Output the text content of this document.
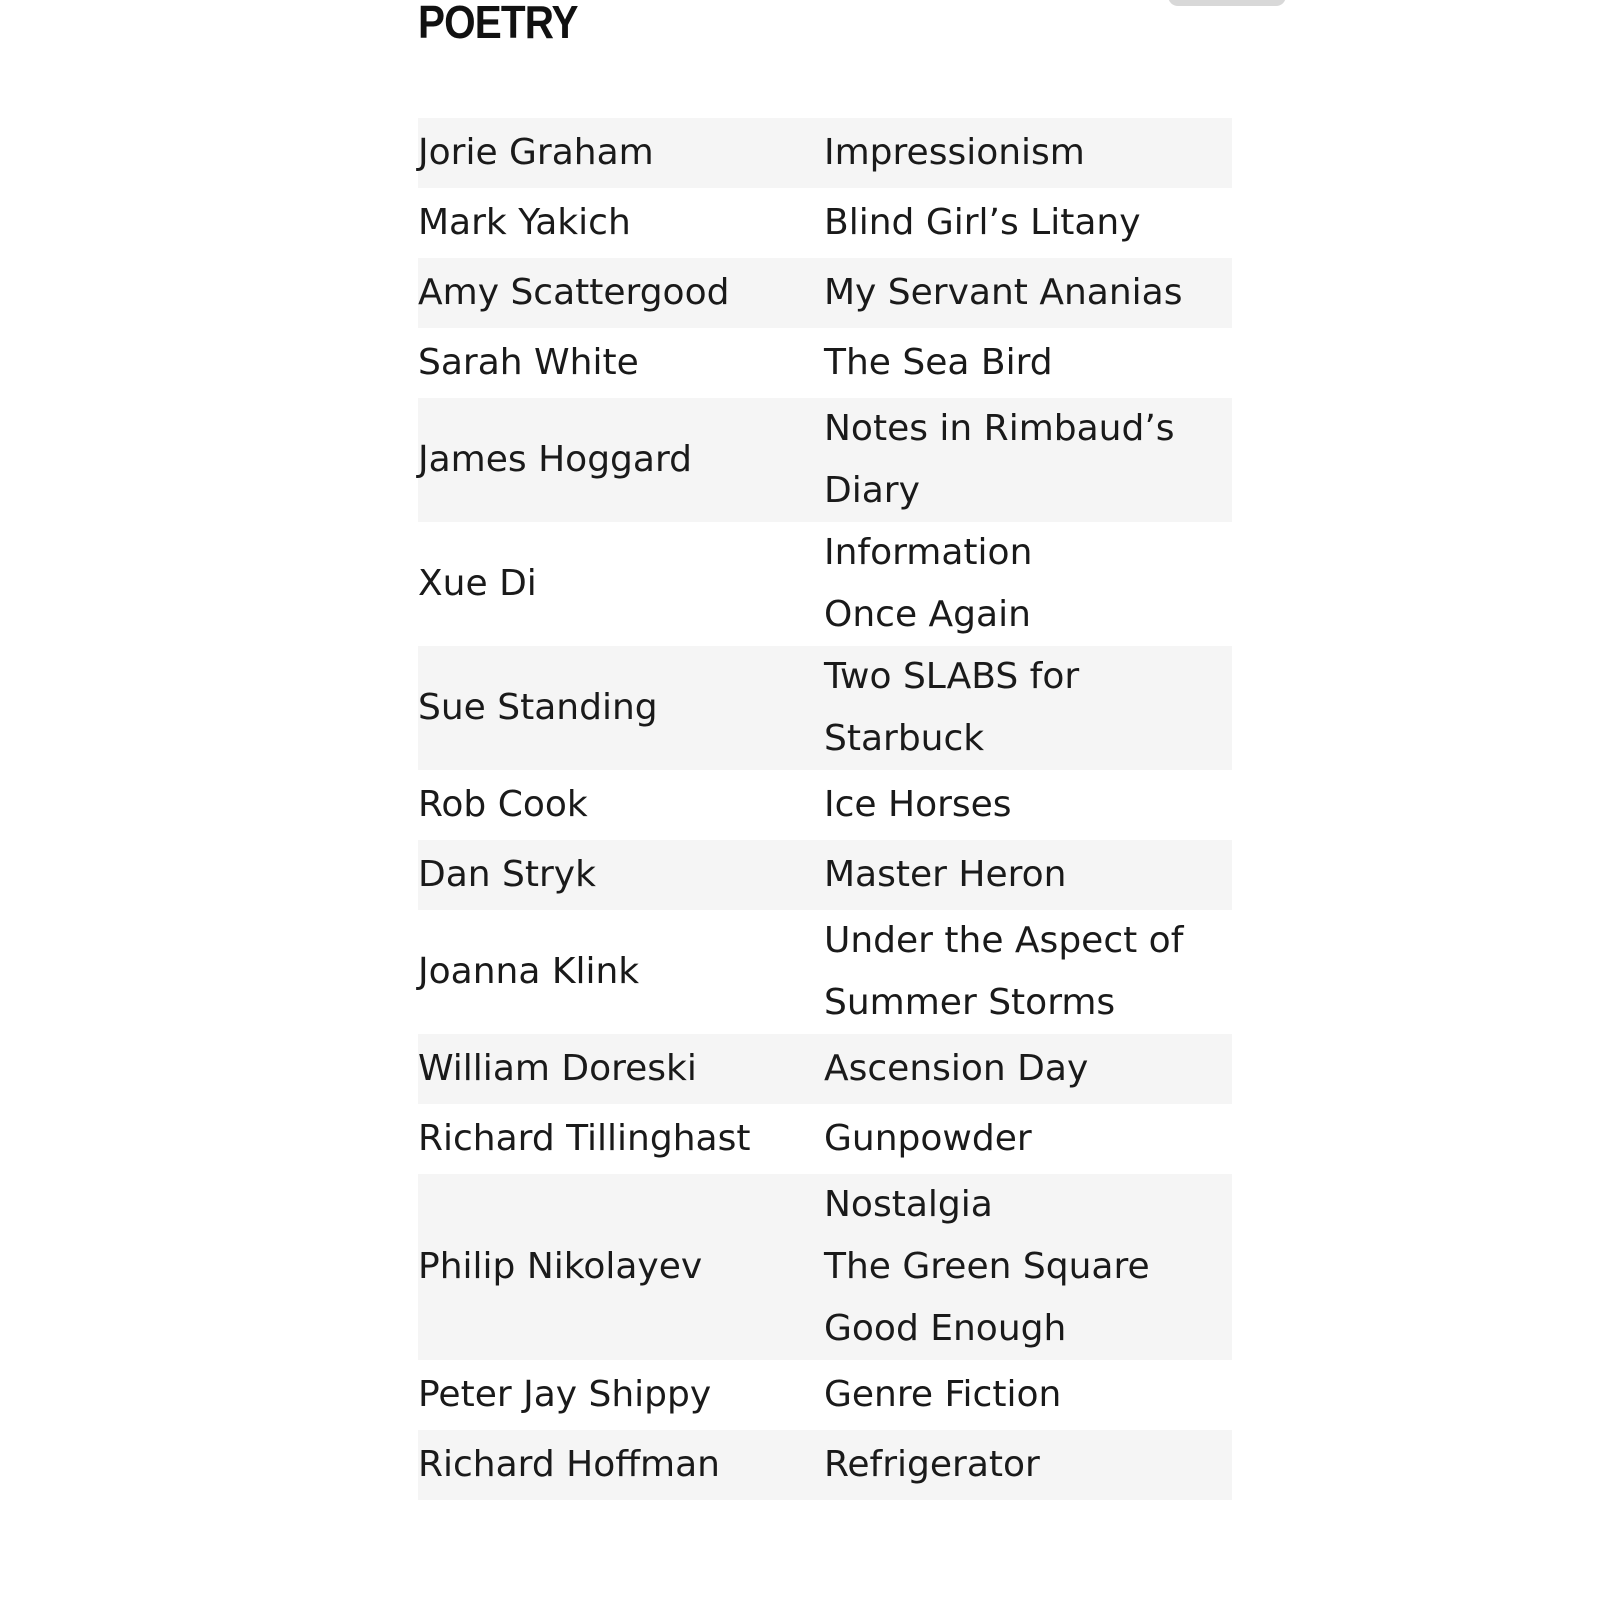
POETRY
Jorie Graham	Impressionism

Mark Yakich	Blind Girl’s Litany

Amy Scattergood	My Servant Ananias

Sarah White	The Sea Bird

James Hoggard	Notes in Rimbaud’s
Diary

Xue Di	Information
Once Again

Sue Standing	Two SLABS for
Starbuck

Rob Cook	Ice Horses

Dan Stryk	Master Heron

Joanna Klink	Under the Aspect of
Summer Storms

William Doreski	Ascension Day

Richard Tillinghast	Gunpowder

Philip Nikolayev	Nostalgia
The Green Square
Good Enough

Peter Jay Shippy	Genre Fiction

Richard Hoffman	Refrigerator
